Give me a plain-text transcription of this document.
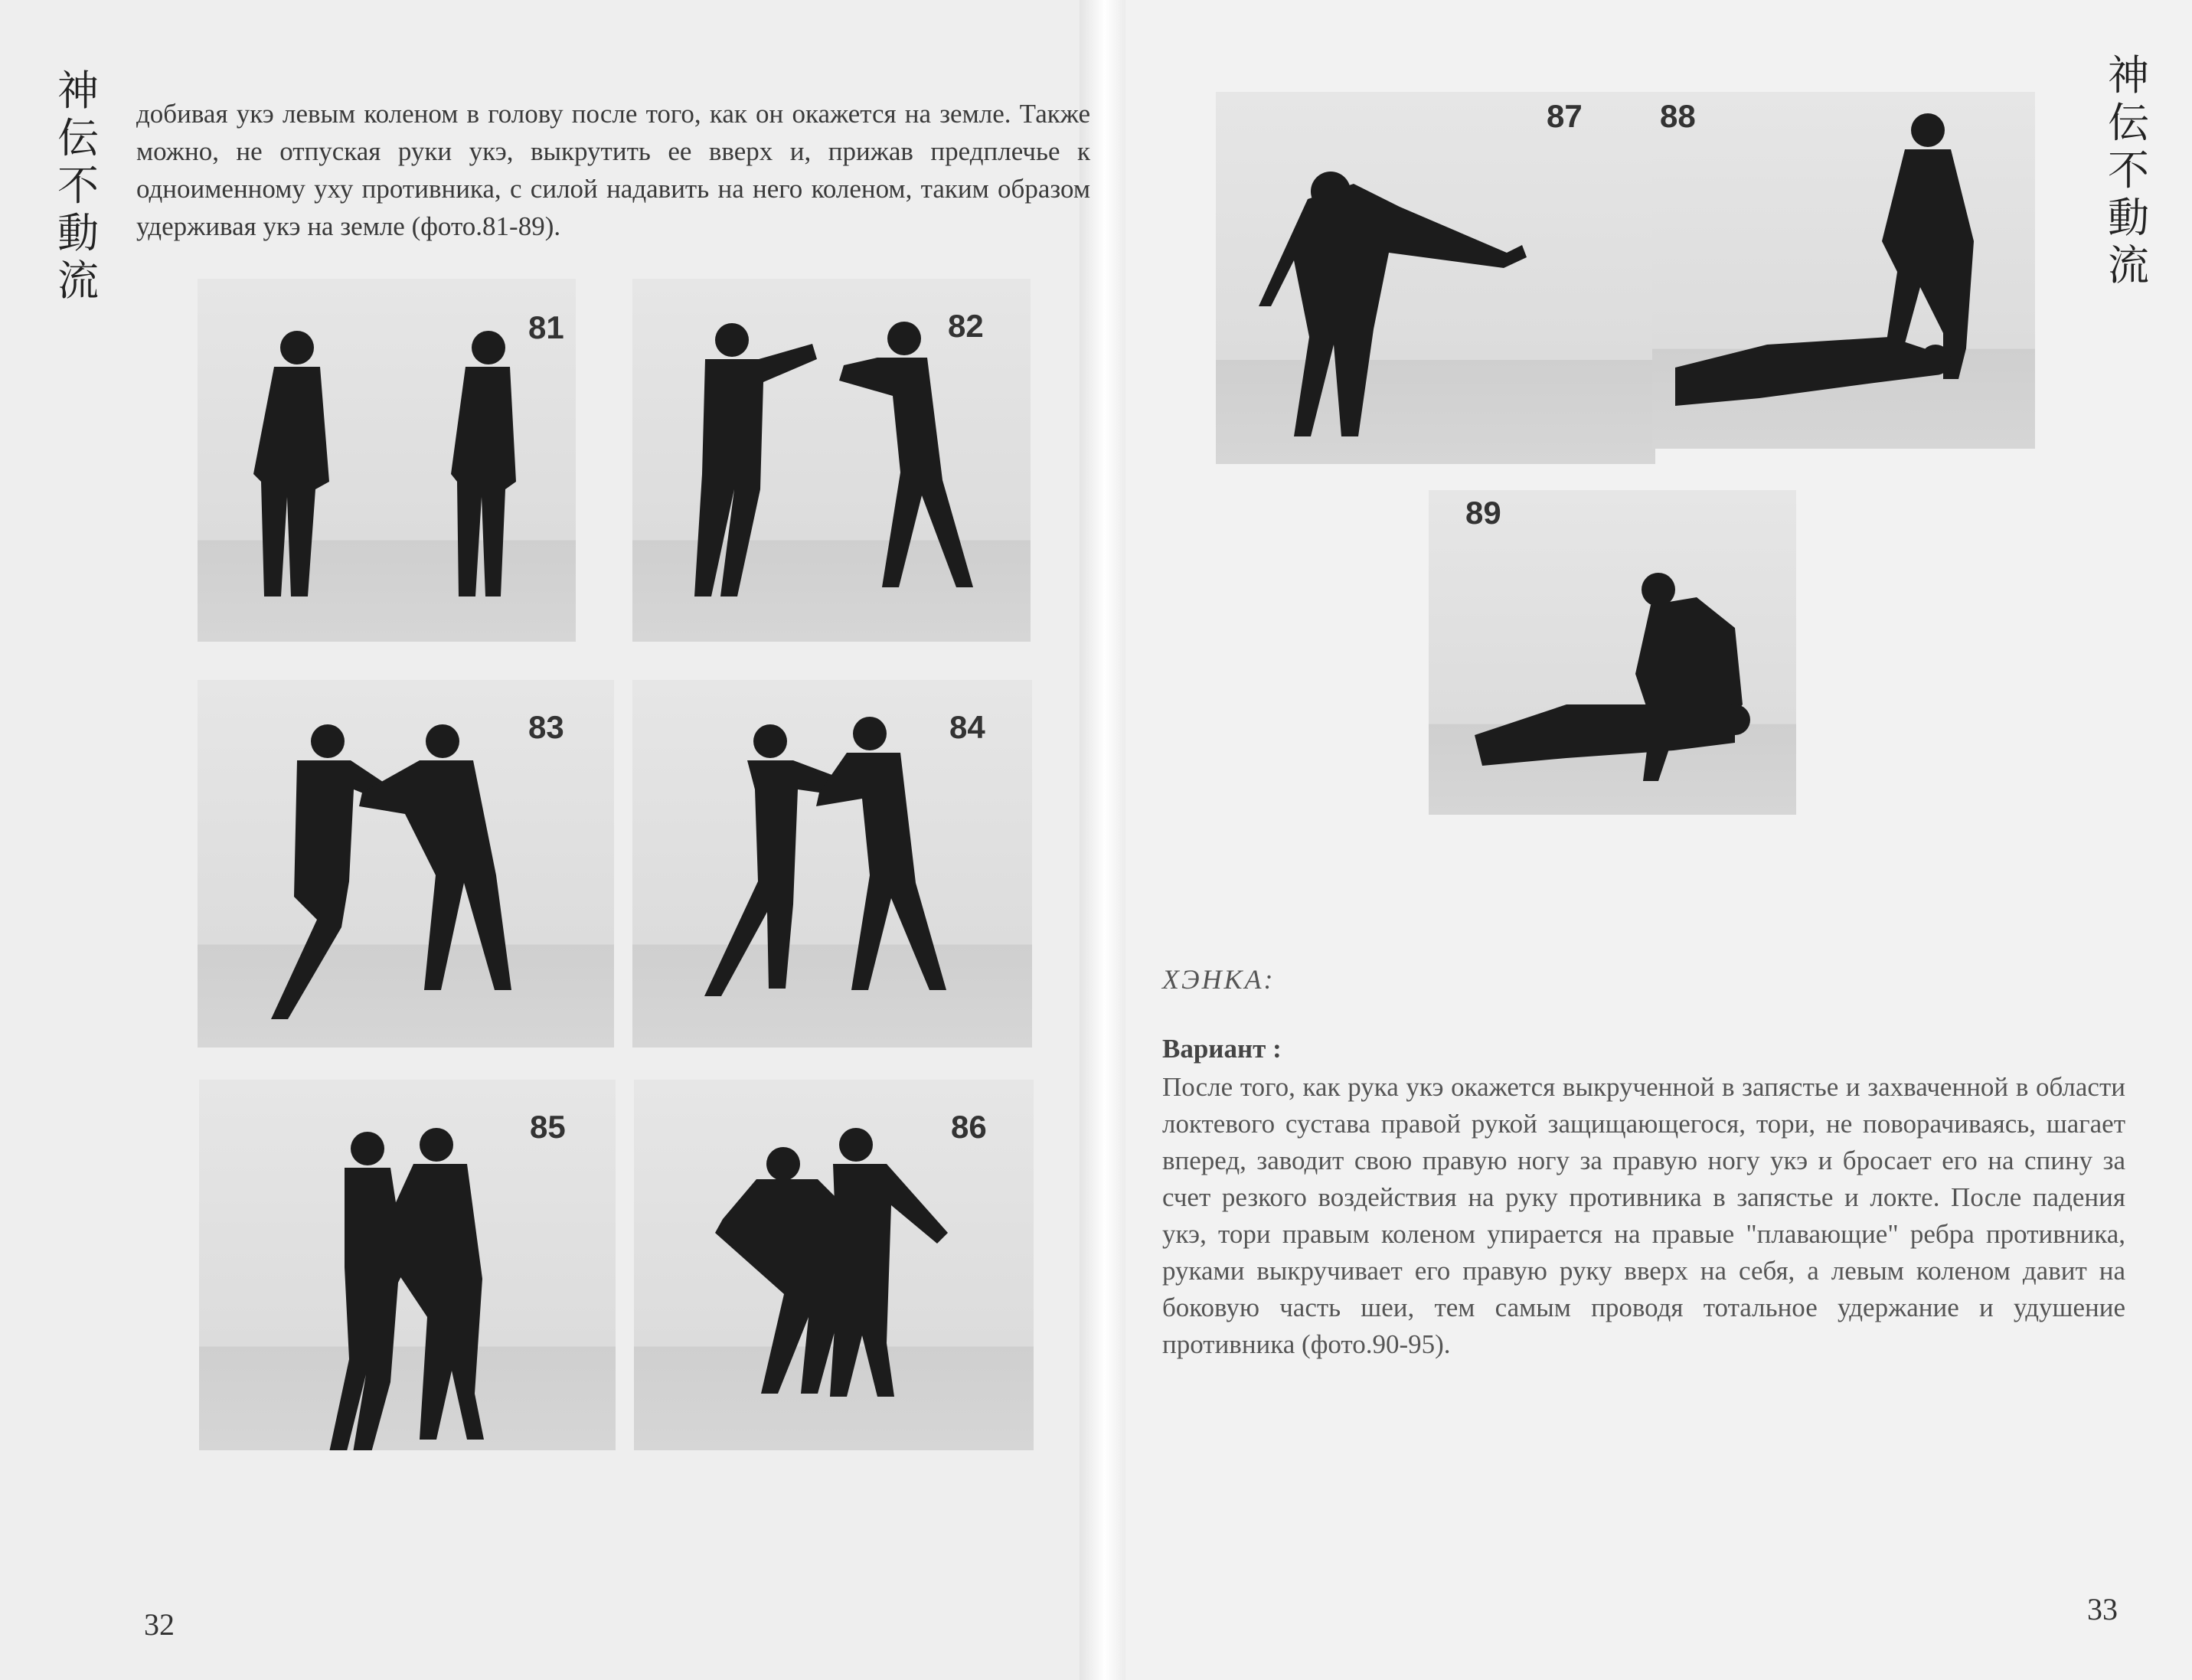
神
伝
不
動
流
добивая укэ левым коленом в голову после того, как он окажется на земле. Также можно, не отпуская руки укэ, выкрутить ее вверх и, прижав предплечье к одноименному уху противника, с силой надавить на него коленом, таким образом удерживая укэ на земле (фото.81-89).
81	82
83	84
85	86
32
神
伝
不
動
流
87 88
89
ХЭНКА:
Вариант :
После того, как рука укэ окажется выкрученной в запястье и захваченной в области локтевого сустава правой рукой защищающегося, тори, не поворачиваясь, шагает вперед, заводит свою правую ногу за правую ногу укэ и бросает его на спину за счет резкого воздействия на руку противника в запястье и локте. После падения укэ, тори правым коленом упирается на правые "плавающие" ребра противника, руками выкручивает его правую руку вверх на себя, а левым коленом давит на боковую часть шеи, тем самым проводя тотальное удержание и удушение противника (фото.90-95).
33
